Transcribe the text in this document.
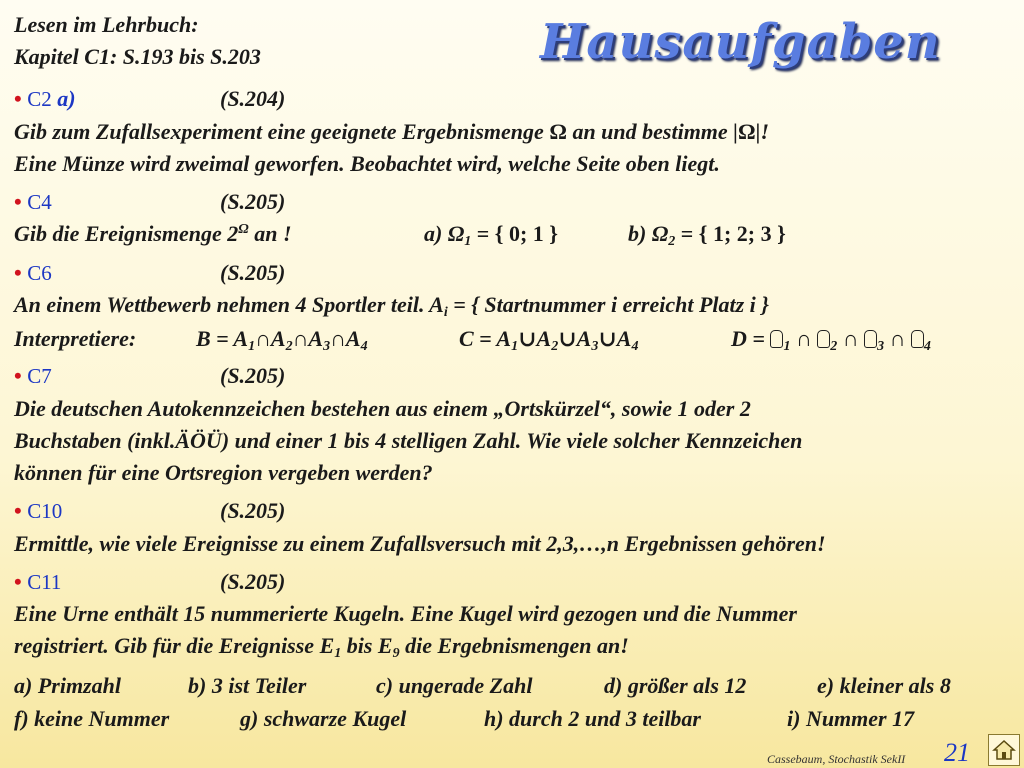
Lesen im Lehrbuch:
Kapitel C1: S.193 bis S.203	Hausaufgaben
• C2 a)	(S.204)
Gib zum Zufallsexperiment eine geeignete Ergebnismenge Ω an und bestimme |Ω|!
Eine Münze wird zweimal geworfen. Beobachtet wird, welche Seite oben liegt.
• C4	(S.205)
Gib die Ereignismenge $2^\Omega$ an !	a) $\Omega_1$ = { 0; 1 }	b) $\Omega_2$ = { 1; 2; 3 }
• C6	(S.205)
An einem Wettbewerb nehmen 4 Sportler teil. $A_i$ = { Startnummer i erreicht Platz i }
Interpretiere:	$B = A_1\cap A_2\cap A_3\cap A_4$	$C = A_1\cup A_2\cup A_3\cup A_4$	D = $_1$ ∩ $_2$ ∩ $_3$ ∩ $_4$
• C7	(S.205)
Die deutschen Autokennzeichen bestehen aus einem „Ortskürzel“, sowie 1 oder 2
Buchstaben (inkl.ÄÖÜ) und einer 1 bis 4 stelligen Zahl. Wie viele solcher Kennzeichen
können für eine Ortsregion vergeben werden?
• C10	(S.205)
Ermittle, wie viele Ereignisse zu einem Zufallsversuch mit 2,3,…,n Ergebnissen gehören!
• C11	(S.205)
Eine Urne enthält 15 nummerierte Kugeln. Eine Kugel wird gezogen und die Nummer
registriert. Gib für die Ereignisse $E_1$ bis $E_9$ die Ergebnismengen an!
a) Primzahl	b) 3 ist Teiler	c) ungerade Zahl	d) größer als 12	e) kleiner als 8
f) keine Nummer	g) schwarze Kugel	h) durch 2 und 3 teilbar	i) Nummer 17
Cassebaum, Stochastik SekII 21
